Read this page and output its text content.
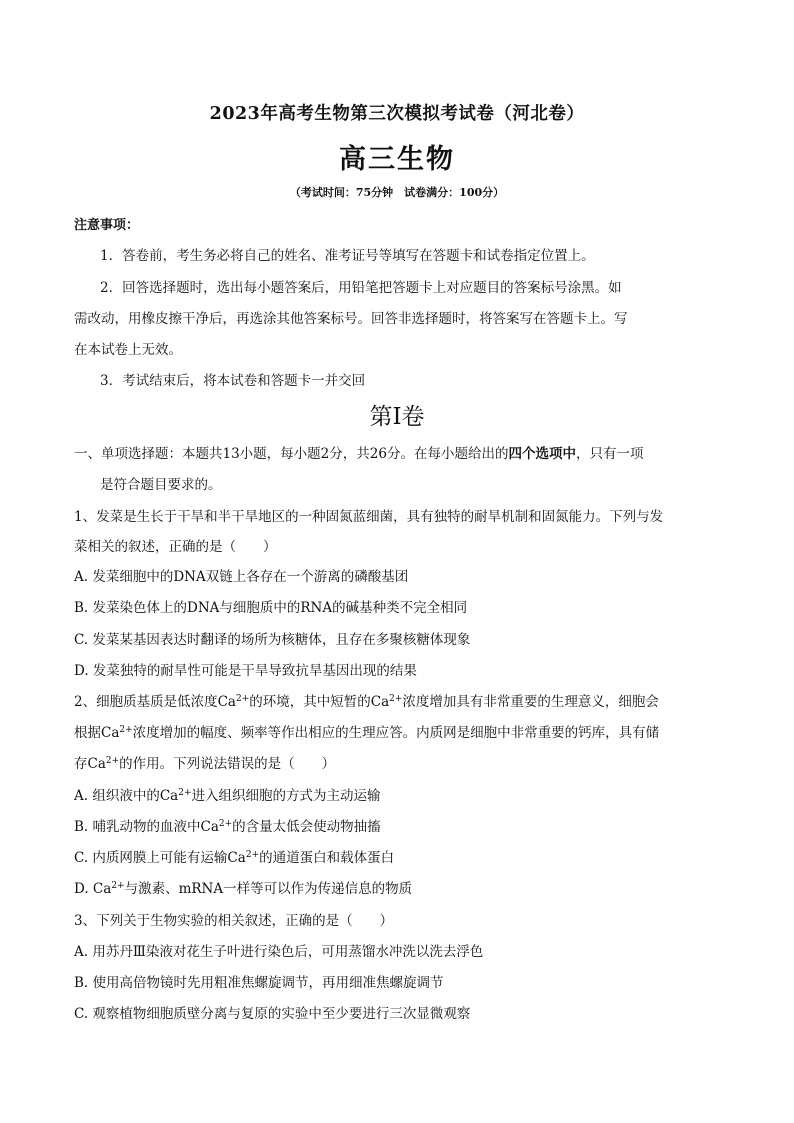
2023年高考生物第三次模拟考试卷（河北卷）
高三生物
（考试时间：75分钟　试卷满分：100分）
注意事项：
1．答卷前，考生务必将自己的姓名、准考证号等填写在答题卡和试卷指定位置上。
2．回答选择题时，选出每小题答案后，用铅笔把答题卡上对应题目的答案标号涂黑。如
需改动，用橡皮擦干净后，再选涂其他答案标号。回答非选择题时，将答案写在答题卡上。写
在本试卷上无效。
3．考试结束后，将本试卷和答题卡一并交回
第Ⅰ卷
一、单项选择题：本题共13小题，每小题2分，共26分。在每小题给出的四个选项中，只有一项
是符合题目要求的。
1、发菜是生长于干旱和半干旱地区的一种固氮蓝细菌，具有独特的耐旱机制和固氮能力。下列与发
菜相关的叙述，正确的是（　　）
A. 发菜细胞中的DNA双链上各存在一个游离的磷酸基团
B. 发菜染色体上的DNA与细胞质中的RNA的碱基种类不完全相同
C. 发菜某基因表达时翻译的场所为核糖体，且存在多聚核糖体现象
D. 发菜独特的耐旱性可能是干旱导致抗旱基因出现的结果
2、细胞质基质是低浓度$Ca^{2+}$的环境，其中短暂的$Ca^{2+}$浓度增加具有非常重要的生理意义，细胞会
根据$Ca^{2+}$浓度增加的幅度、频率等作出相应的生理应答。内质网是细胞中非常重要的钙库，具有储
存$Ca^{2+}$的作用。下列说法错误的是（　　）
A. 组织液中的$Ca^{2+}$进入组织细胞的方式为主动运输
B. 哺乳动物的血液中$Ca^{2+}$的含量太低会使动物抽搐
C. 内质网膜上可能有运输$Ca^{2+}$的通道蛋白和载体蛋白
D. $Ca^{2+}$与激素、mRNA一样等可以作为传递信息的物质
3、下列关于生物实验的相关叙述，正确的是（　　）
A. 用苏丹Ⅲ染液对花生子叶进行染色后，可用蒸馏水冲洗以洗去浮色
B. 使用高倍物镜时先用粗准焦螺旋调节，再用细准焦螺旋调节
C. 观察植物细胞质壁分离与复原的实验中至少要进行三次显微观察
